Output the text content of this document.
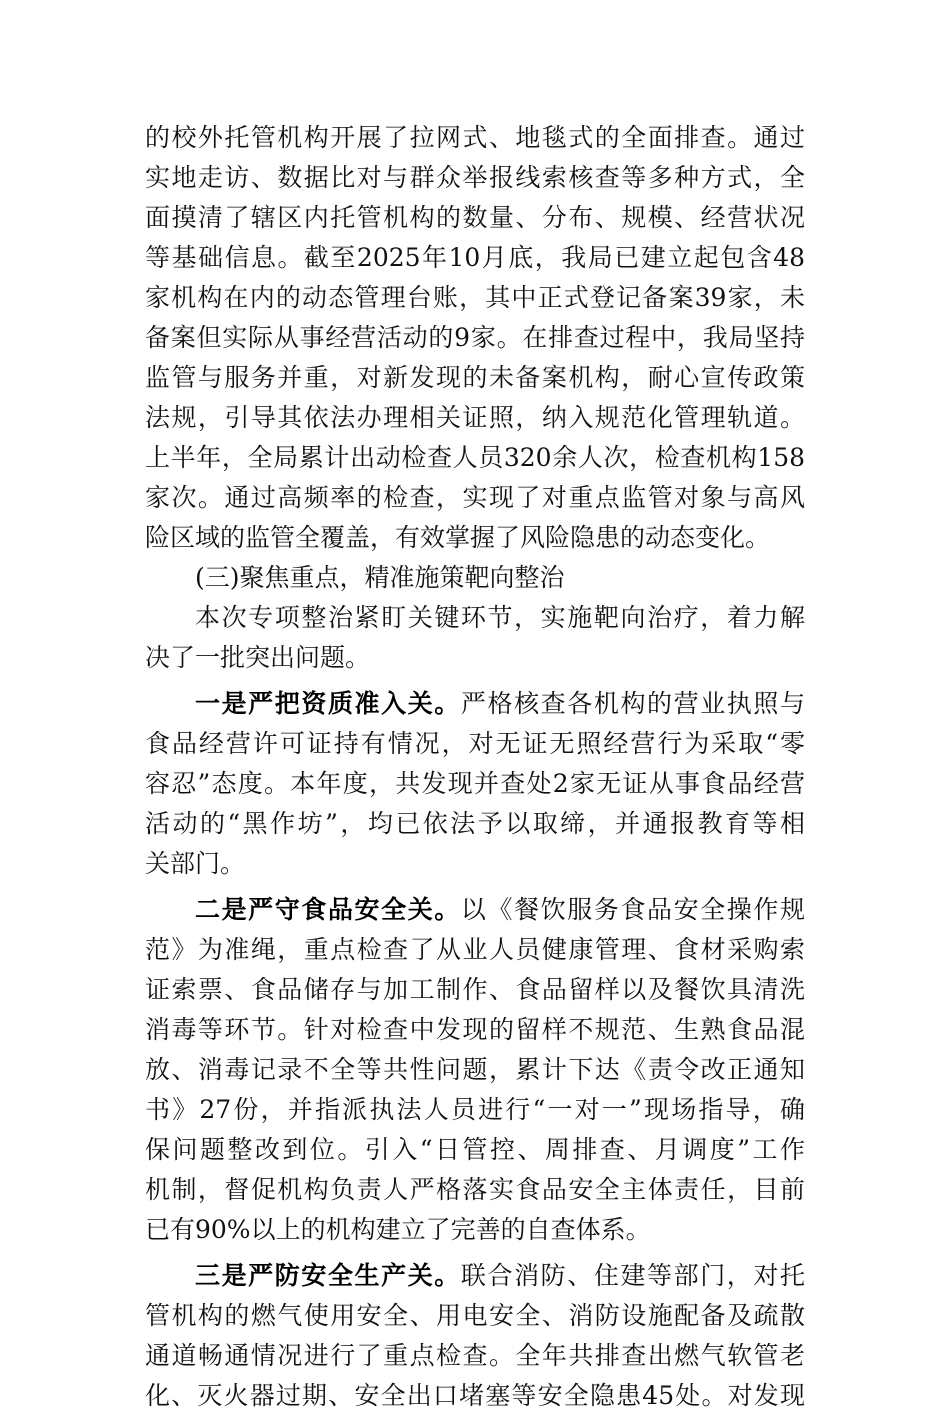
的校外托管机构开展了拉网式、地毯式的全面排查。通过
实地走访、数据比对与群众举报线索核查等多种方式，全
面摸清了辖区内托管机构的数量、分布、规模、经营状况
等基础信息。截至2025年10月底，我局已建立起包含48
家机构在内的动态管理台账，其中正式登记备案39家，未
备案但实际从事经营活动的9家。在排查过程中，我局坚持
监管与服务并重，对新发现的未备案机构，耐心宣传政策
法规，引导其依法办理相关证照，纳入规范化管理轨道。
上半年，全局累计出动检查人员320余人次，检查机构158
家次。通过高频率的检查，实现了对重点监管对象与高风
险区域的监管全覆盖，有效掌握了风险隐患的动态变化。
(三)聚焦重点，精准施策靶向整治
本次专项整治紧盯关键环节，实施靶向治疗，着力解
决了一批突出问题。
一是严把资质准入关。严格核查各机构的营业执照与
食品经营许可证持有情况，对无证无照经营行为采取“零
容忍”态度。本年度，共发现并查处2家无证从事食品经营
活动的“黑作坊”，均已依法予以取缔，并通报教育等相
关部门。
二是严守食品安全关。以《餐饮服务食品安全操作规
范》为准绳，重点检查了从业人员健康管理、食材采购索
证索票、食品储存与加工制作、食品留样以及餐饮具清洗
消毒等环节。针对检查中发现的留样不规范、生熟食品混
放、消毒记录不全等共性问题，累计下达《责令改正通知
书》27份，并指派执法人员进行“一对一”现场指导，确
保问题整改到位。引入“日管控、周排查、月调度”工作
机制，督促机构负责人严格落实食品安全主体责任，目前
已有90%以上的机构建立了完善的自查体系。
三是严防安全生产关。联合消防、住建等部门，对托
管机构的燃气使用安全、用电安全、消防设施配备及疏散
通道畅通情况进行了重点检查。全年共排查出燃气软管老
化、灭火器过期、安全出口堵塞等安全隐患45处。对发现
